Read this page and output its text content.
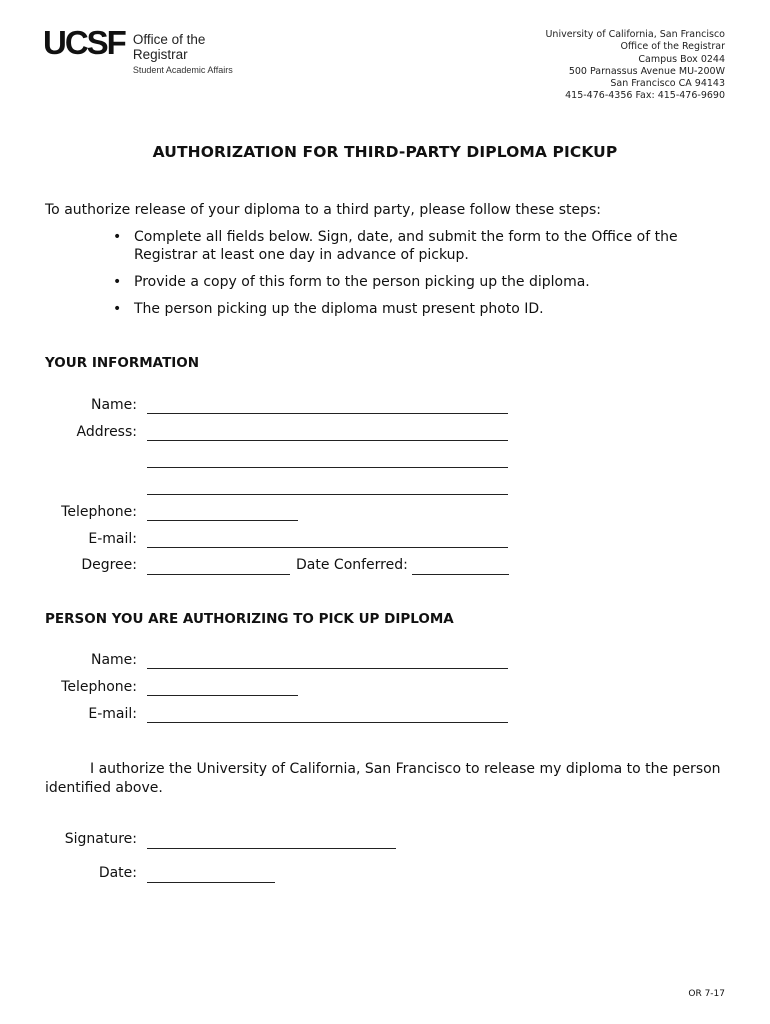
UCSF Office of the
Registrar
Student Academic Affairs
University of California, San Francisco
Office of the Registrar
Campus Box 0244
500 Parnassus Avenue MU-200W
San Francisco CA 94143
415-476-4356 Fax: 415-476-9690
AUTHORIZATION FOR THIRD-PARTY DIPLOMA PICKUP
To authorize release of your diploma to a third party, please follow these steps:
• Complete all fields below. Sign, date, and submit the form to the Office of the Registrar at least one day in advance of pickup.
• Provide a copy of this form to the person picking up the diploma.
• The person picking up the diploma must present photo ID.
YOUR INFORMATION
Name:
Address:
Telephone:
E-mail:
Degree:	Date Conferred:
PERSON YOU ARE AUTHORIZING TO PICK UP DIPLOMA
Name:
Telephone:
E-mail:
I authorize the University of California, San Francisco to release my diploma to the person identified above.
Signature:
Date:
OR 7-17
